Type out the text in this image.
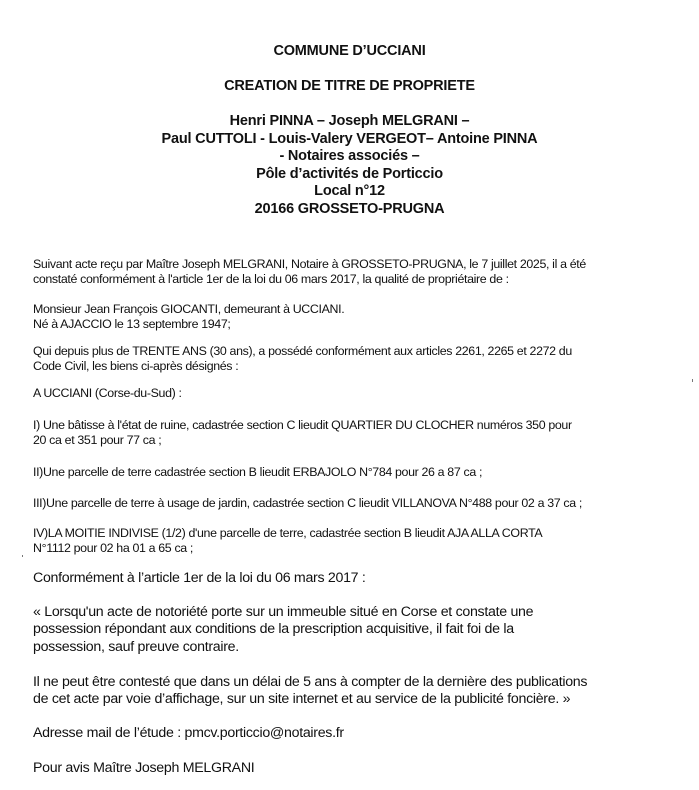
COMMUNE D’UCCIANI
CREATION DE TITRE DE PROPRIETE
Henri PINNA – Joseph MELGRANI –
Paul CUTTOLI - Louis-Valery VERGEOT– Antoine PINNA
- Notaires associés –
Pôle d’activités de Porticcio
Local n°12
20166 GROSSETO-PRUGNA
Suivant acte reçu par Maître Joseph MELGRANI, Notaire à GROSSETO-PRUGNA, le 7 juillet 2025, il a été
constaté conformément à l'article 1er de la loi du 06 mars 2017, la qualité de propriétaire de :
Monsieur Jean François GIOCANTI, demeurant à UCCIANI.
Né à AJACCIO le 13 septembre 1947;
Qui depuis plus de TRENTE ANS (30 ans), a possédé conformément aux articles 2261, 2265 et 2272 du
Code Civil, les biens ci-après désignés :
A UCCIANI (Corse-du-Sud) :
I) Une bâtisse à l'état de ruine, cadastrée section C lieudit QUARTIER DU CLOCHER numéros 350 pour
20 ca et 351 pour 77 ca ;
II)Une parcelle de terre cadastrée section B lieudit ERBAJOLO N°784 pour 26 a 87 ca ;
III)Une parcelle de terre à usage de jardin, cadastrée section C lieudit VILLANOVA N°488 pour 02 a 37 ca ;
IV)LA MOITIE INDIVISE (1/2) d'une parcelle de terre, cadastrée section B lieudit AJA ALLA CORTA
N°1112 pour 02 ha 01 a 65 ca ;
Conformément à l’article 1er de la loi du 06 mars 2017 :
« Lorsqu'un acte de notoriété porte sur un immeuble situé en Corse et constate une
possession répondant aux conditions de la prescription acquisitive, il fait foi de la
possession, sauf preuve contraire.
Il ne peut être contesté que dans un délai de 5 ans à compter de la dernière des publications
de cet acte par voie d’affichage, sur un site internet et au service de la publicité foncière. »
Adresse mail de l’étude : pmcv.porticcio@notaires.fr
Pour avis Maître Joseph MELGRANI
